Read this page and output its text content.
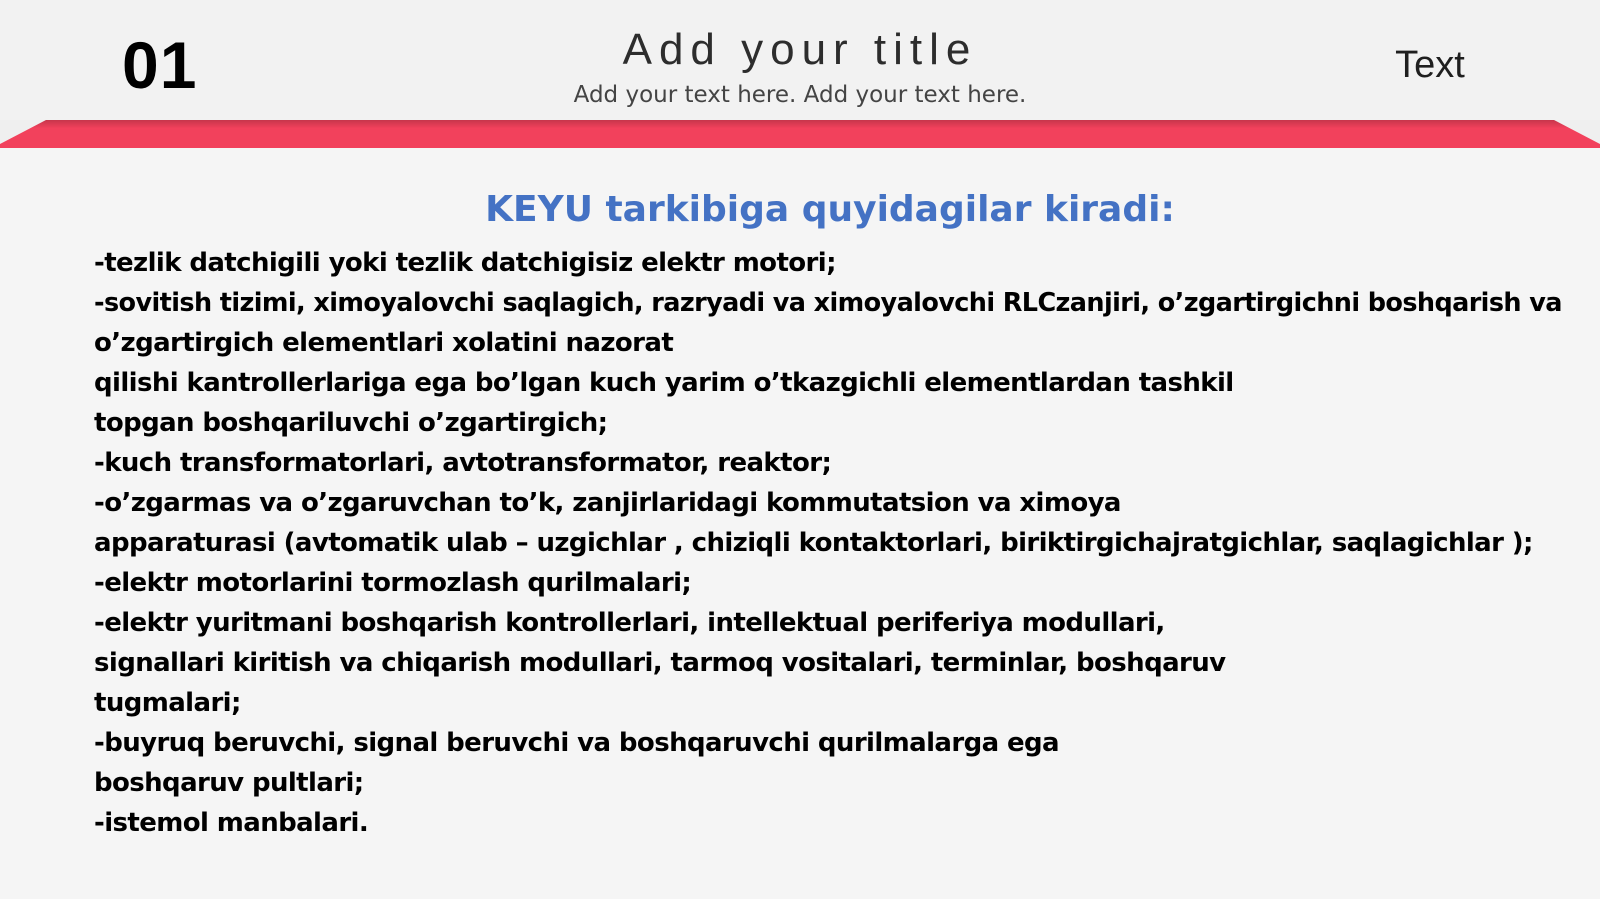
01	Add your title
Add your text here. Add your text here.
Text
KEYU tarkibiga quyidagilar kiradi:
-tezlik datchigili yoki tezlik datchigisiz elektr motori;
-sovitish tizimi, ximoyalovchi saqlagich, razryadi va ximoyalovchi RLCzanjiri, o’zgartirgichni boshqarish va
o’zgartirgich elementlari xolatini nazorat
qilishi kantrollerlariga ega bo’lgan kuch yarim o’tkazgichli elementlardan tashkil
topgan boshqariluvchi o’zgartirgich;
-kuch transformatorlari, avtotransformator, reaktor;
-o’zgarmas va o’zgaruvchan to’k, zanjirlaridagi kommutatsion va ximoya
apparaturasi (avtomatik ulab – uzgichlar , chiziqli kontaktorlari, biriktirgichajratgichlar, saqlagichlar );
-elektr motorlarini tormozlash qurilmalari;
-elektr yuritmani boshqarish kontrollerlari, intellektual periferiya modullari,
signallari kiritish va chiqarish modullari, tarmoq vositalari, terminlar, boshqaruv
tugmalari;
-buyruq beruvchi, signal beruvchi va boshqaruvchi qurilmalarga ega
boshqaruv pultlari;
-istemol manbalari.
